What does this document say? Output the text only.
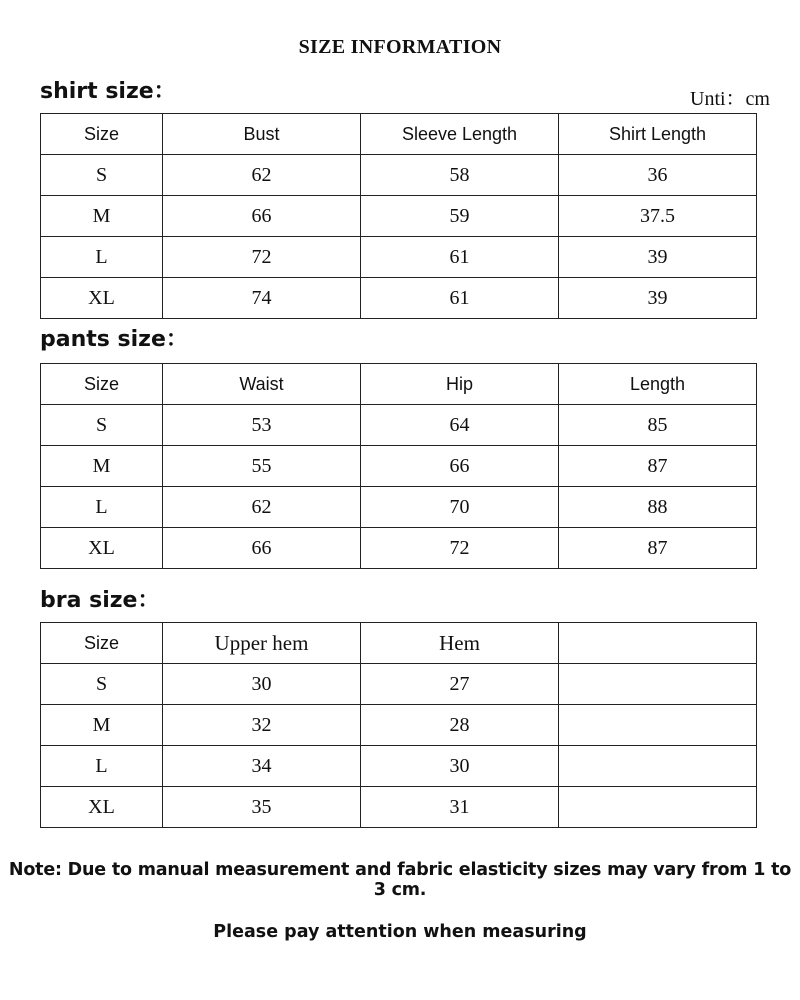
SIZE INFORMATION
shirt size：	Unti：cm
Size	Bust	Sleeve Length	Shirt Length
S	62	58	36
M	66	59	37.5
L	72	61	39
XL	74	61	39
pants size：
Size	Waist	Hip	Length
S	53	64	85
M	55	66	87
L	62	70	88
XL	66	72	87
bra size：
Size	Upper hem	Hem	
S	30	27	
M	32	28	
L	34	30	
XL	35	31	
Note: Due to manual measurement and fabric elasticity sizes may vary from 1 to 3 cm.
Please pay attention when measuring
